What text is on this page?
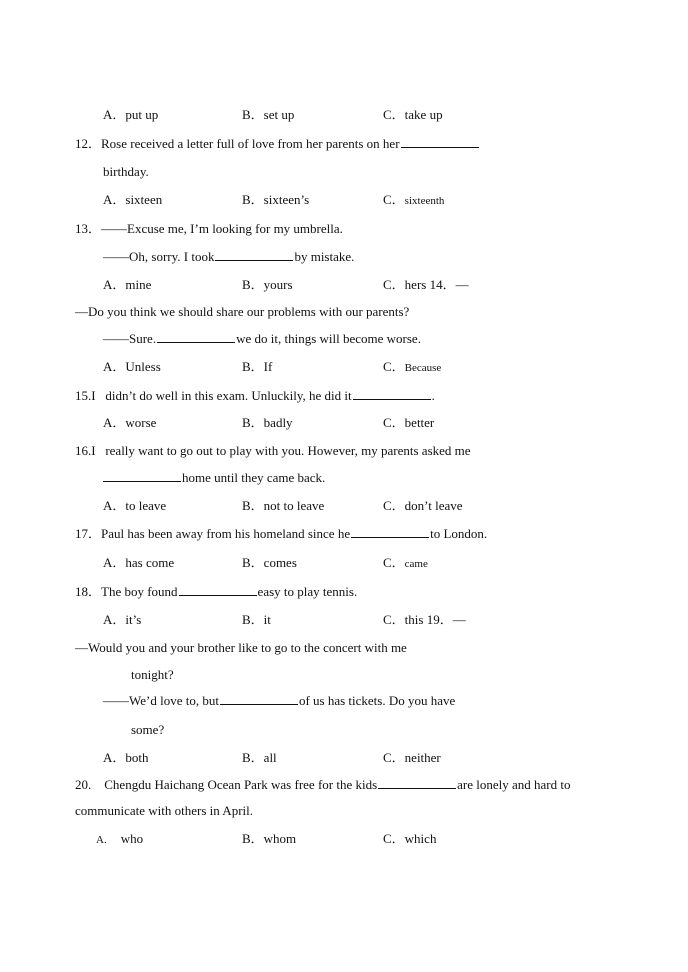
A．put up	B．set up	C．take up
12．Rose received a letter full of love from her parents on her
birthday.
A．sixteen	B．sixteen’s	C．sixteenth
13．——Excuse me, I’m looking for my umbrella.
——Oh, sorry. I took	by mistake.
A．mine	B．yours	C．hers 14．—
—Do you think we should share our problems with our parents?
——Sure.	we do it, things will become worse.
A．Unless	B．If	C．Because
15.I   didn’t do well in this exam. Unluckily, he did it	.
A．worse	B．badly	C．better
16.I   really want to go out to play with you. However, my parents asked me
home until they came back.
A．to leave	B．not to leave	C．don’t leave
17．Paul has been away from his homeland since he	to London.
A．has come	B．comes	C．came
18．The boy found	easy to play tennis.
A．it’s	B．it	C．this 19．—
—Would you and your brother like to go to the concert with me
tonight?
——We’d love to, but	of us has tickets. Do you have
some?
A．both	B．all	C．neither
20.    Chengdu Haichang Ocean Park was free for the kids	are lonely and hard to
communicate with others in April.
A. who	B．whom	C．which
